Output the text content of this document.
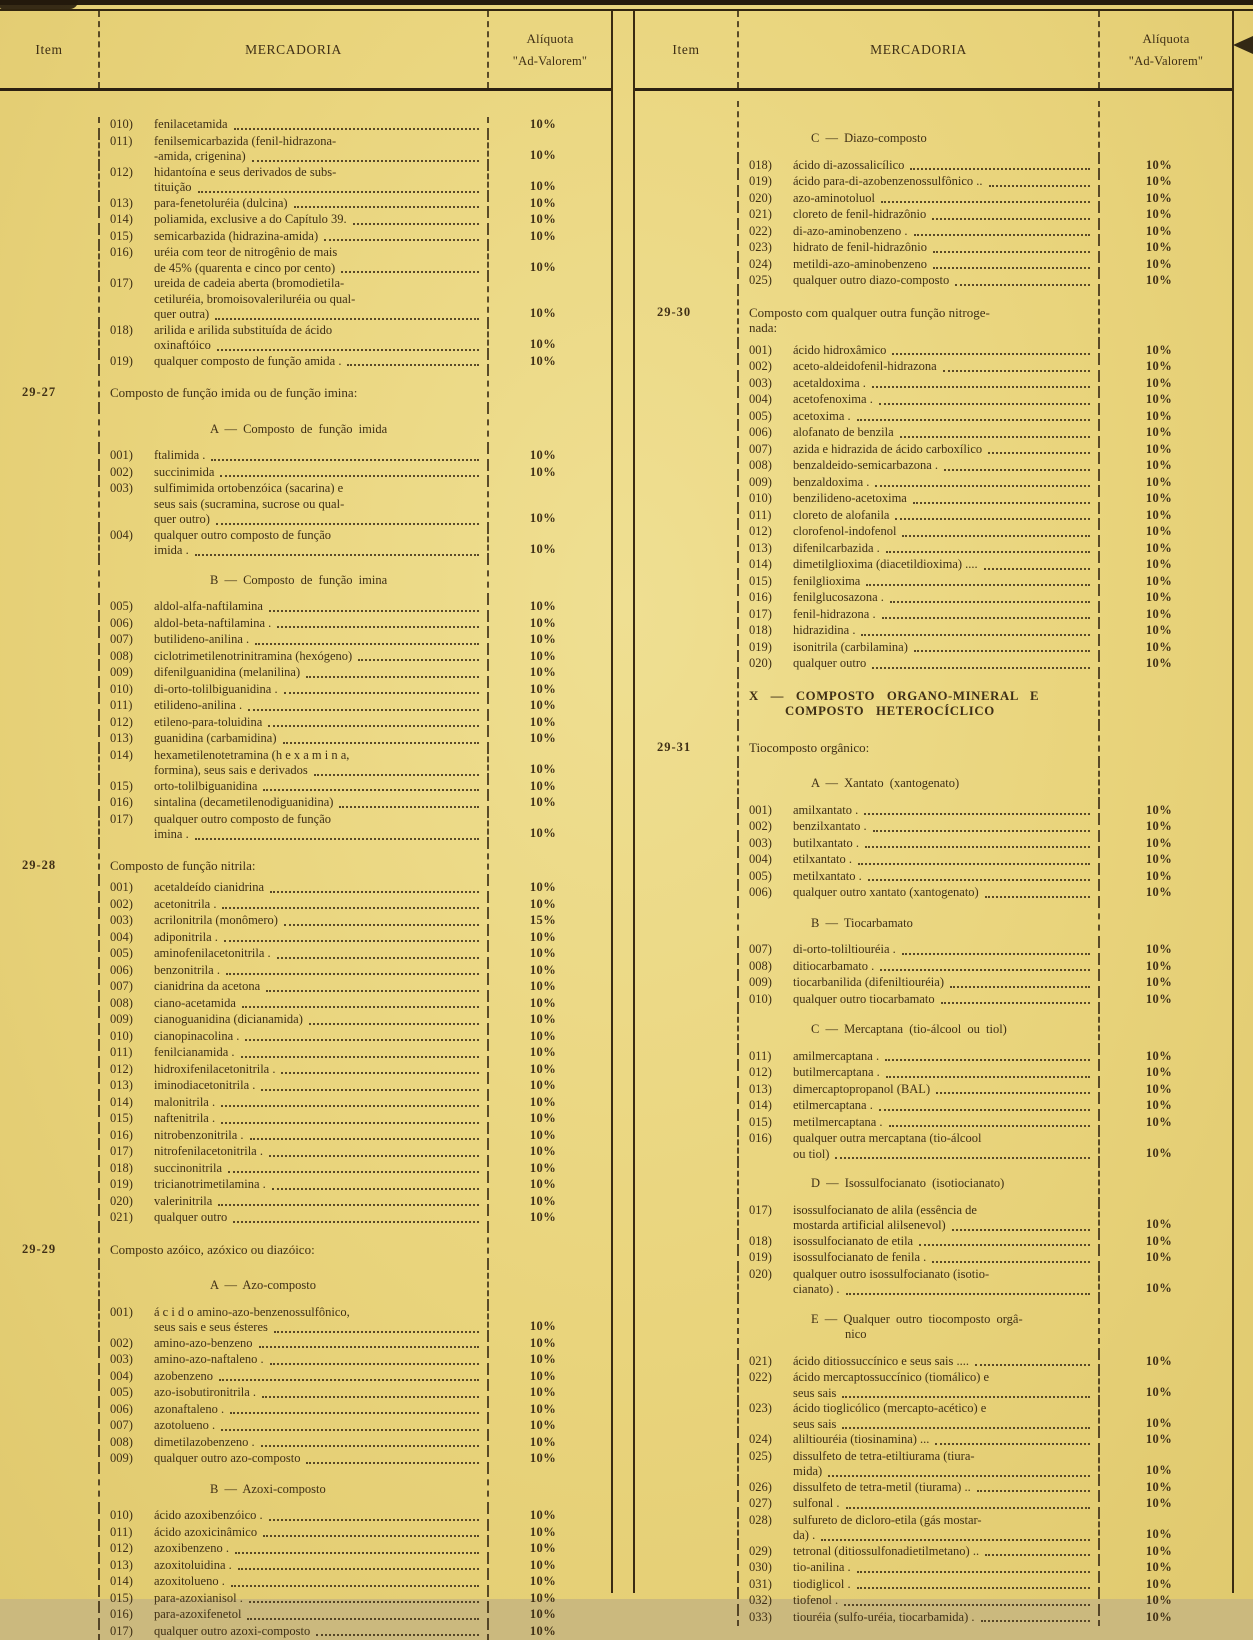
Item	MERCADORIA
Alíquota
"Ad-Valorem"
010)	fenilacetamida	10%
011)	fenilsemicarbazida (fenil-hidrazona-
-amida, crigenina)	10%
012)	hidantoína e seus derivados de subs-
tituição	10%
013)	para-fenetoluréia (dulcina)	10%
014)	poliamida, exclusive a do Capítulo 39.	10%
015)	semicarbazida (hidrazina-amida)	10%
016)	uréia com teor de nitrogênio de mais
de 45% (quarenta e cinco por cento)	10%
017)	ureida de cadeia aberta (bromodietila-
cetiluréia, bromoisovaleriluréia ou qual-
quer outra)	10%
018)	arilida e arilida substituída de ácido
oxinaftóico	10%
019)	qualquer composto de função amida .	10%
29-27	Composto de função imida ou de função imina:
A — Composto de função imida
001)	ftalimida .	10%
002)	succinimida	10%
003)	sulfimimida ortobenzóica (sacarina) e
seus sais (sucramina, sucrose ou qual-
quer outro)	10%
004)	qualquer outro composto de função
imida .	10%
B — Composto de função imina
005)	aldol-alfa-naftilamina	10%
006)	aldol-beta-naftilamina .	10%
007)	butilideno-anilina .	10%
008)	ciclotrimetilenotrinitramina (hexógeno)	10%
009)	difenilguanidina (melanilina)	10%
010)	di-orto-tolilbiguanidina .	10%
011)	etilideno-anilina .	10%
012)	etileno-para-toluidina	10%
013)	guanidina (carbamidina)	10%
014)	hexametilenotetramina (h e x a m i n a,
formina), seus sais e derivados	10%
015)	orto-tolilbiguanidina	10%
016)	sintalina (decametilenodiguanidina)	10%
017)	qualquer outro composto de função
imina .	10%
29-28	Composto de função nitrila:
001)	acetaldeído cianidrina	10%
002)	acetonitrila .	10%
003)	acrilonitrila (monômero)	15%
004)	adiponitrila .	10%
005)	aminofenilacetonitrila .	10%
006)	benzonitrila .	10%
007)	cianidrina da acetona	10%
008)	ciano-acetamida	10%
009)	cianoguanidina (dicianamida)	10%
010)	cianopinacolina .	10%
011)	fenilcianamida .	10%
012)	hidroxifenilacetonitrila .	10%
013)	iminodiacetonitrila .	10%
014)	malonitrila .	10%
015)	naftenitrila .	10%
016)	nitrobenzonitrila .	10%
017)	nitrofenilacetonitrila .	10%
018)	succinonitrila	10%
019)	tricianotrimetilamina .	10%
020)	valerinitrila	10%
021)	qualquer outro	10%
29-29	Composto azóico, azóxico ou diazóico:
A — Azo-composto
001)	á c i d o amino-azo-benzenossulfônico,
seus sais e seus ésteres	10%
002)	amino-azo-benzeno	10%
003)	amino-azo-naftaleno .	10%
004)	azobenzeno	10%
005)	azo-isobutironitrila .	10%
006)	azonaftaleno .	10%
007)	azotolueno .	10%
008)	dimetilazobenzeno .	10%
009)	qualquer outro azo-composto	10%
B — Azoxi-composto
010)	ácido azoxibenzóico .	10%
011)	ácido azoxicinâmico	10%
012)	azoxibenzeno .	10%
013)	azoxitoluidina .	10%
014)	azoxitolueno .	10%
015)	para-azoxianisol .	10%
016)	para-azoxifenetol	10%
017)	qualquer outro azoxi-composto	10%
Item	MERCADORIA
Alíquota
"Ad-Valorem"
C — Diazo-composto
018)	ácido di-azossalicílico	10%
019)	ácido para-di-azobenzenossulfônico ..	10%
020)	azo-aminotoluol	10%
021)	cloreto de fenil-hidrazônio	10%
022)	di-azo-aminobenzeno .	10%
023)	hidrato de fenil-hidrazônio	10%
024)	metildi-azo-aminobenzeno	10%
025)	qualquer outro diazo-composto	10%
29-30	Composto com qualquer outra função nitroge-
nada:
001)	ácido hidroxâmico	10%
002)	aceto-aldeidofenil-hidrazona	10%
003)	acetaldoxima .	10%
004)	acetofenoxima .	10%
005)	acetoxima .	10%
006)	alofanato de benzila	10%
007)	azida e hidrazida de ácido carboxílico	10%
008)	benzaldeido-semicarbazona .	10%
009)	benzaldoxima .	10%
010)	benzilideno-acetoxima	10%
011)	cloreto de alofanila	10%
012)	clorofenol-indofenol	10%
013)	difenilcarbazida .	10%
014)	dimetilglioxima (diacetildioxima) ....	10%
015)	fenilglioxima	10%
016)	fenilglucosazona .	10%
017)	fenil-hidrazona .	10%
018)	hidrazidina .	10%
019)	isonitrila (carbilamina)	10%
020)	qualquer outro	10%
X — COMPOSTO ORGANO-MINERAL E
COMPOSTO HETEROCÍCLICO
29-31	Tiocomposto orgânico:
A — Xantato (xantogenato)
001)	amilxantato .	10%
002)	benzilxantato .	10%
003)	butilxantato .	10%
004)	etilxantato .	10%
005)	metilxantato .	10%
006)	qualquer outro xantato (xantogenato)	10%
B — Tiocarbamato
007)	di-orto-toliltiouréia .	10%
008)	ditiocarbamato .	10%
009)	tiocarbanilida (difeniltiouréia)	10%
010)	qualquer outro tiocarbamato	10%
C — Mercaptana (tio-álcool ou tiol)
011)	amilmercaptana .	10%
012)	butilmercaptana .	10%
013)	dimercaptopropanol (BAL)	10%
014)	etilmercaptana .	10%
015)	metilmercaptana .	10%
016)	qualquer outra mercaptana (tio-álcool
ou tiol)	10%
D — Isossulfocianato (isotiocianato)
017)	isossulfocianato de alila (essência de
mostarda artificial alilsenevol)	10%
018)	isossulfocianato de etila	10%
019)	isossulfocianato de fenila .	10%
020)	qualquer outro isossulfocianato (isotio-
cianato) .	10%
E — Qualquer outro tiocomposto orgâ-
nico
021)	ácido ditiossuccínico e seus sais ....	10%
022)	ácido mercaptossuccínico (tiomálico) e
seus sais	10%
023)	ácido tioglicólico (mercapto-acético) e
seus sais	10%
024)	aliltiouréia (tiosinamina) ...	10%
025)	dissulfeto de tetra-etiltiurama (tiura-
mida)	10%
026)	dissulfeto de tetra-metil (tiurama) ..	10%
027)	sulfonal .	10%
028)	sulfureto de dicloro-etila (gás mostar-
da) .	10%
029)	tetronal (ditiossulfonadietilmetano) ..	10%
030)	tio-anilina .	10%
031)	tiodiglicol .	10%
032)	tiofenol .	10%
033)	tiouréia (sulfo-uréia, tiocarbamida) .	10%
